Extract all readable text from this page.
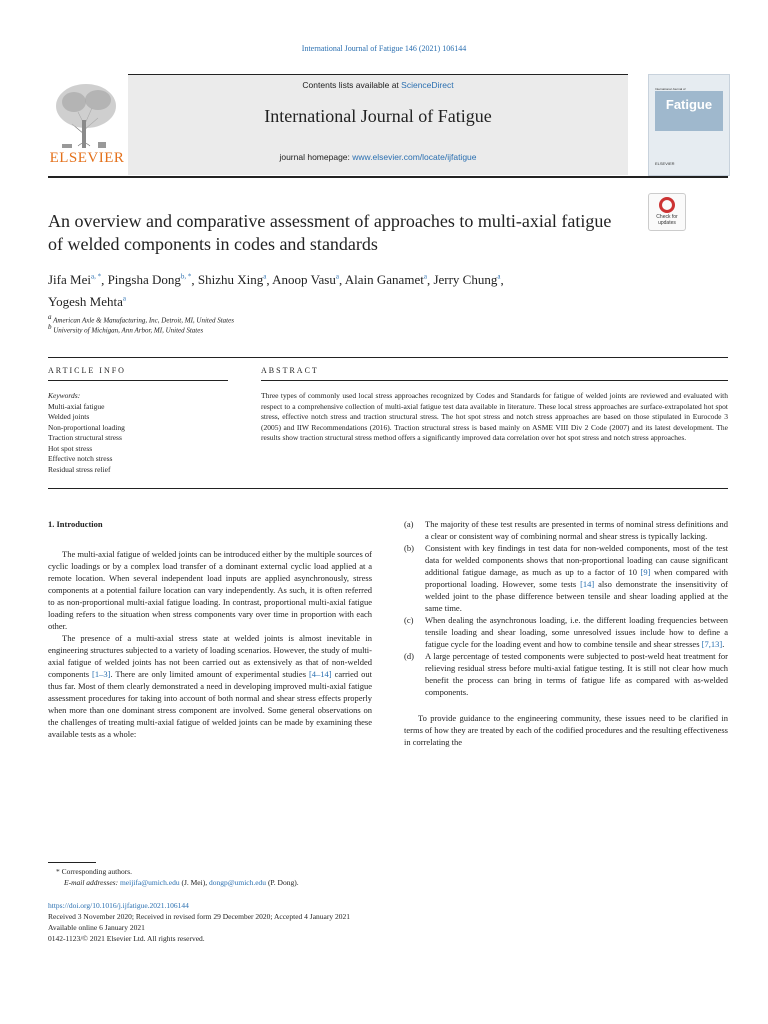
International Journal of Fatigue 146 (2021) 106144
Contents lists available at ScienceDirect
International Journal of Fatigue
journal homepage: www.elsevier.com/locate/ijfatigue
ELSEVIER
International Journal of
Fatigue
ELSEVIER
Check for updates
An overview and comparative assessment of approaches to multi-axial fatigue of welded components in codes and standards
Jifa Mei$^{a, *}$, Pingsha Dong$^{b, *}$, Shizhu Xing$^a$, Anoop Vasu$^a$, Alain Ganamet$^a$, Jerry Chung$^a$,
Yogesh Mehta$^a$
$^a$ American Axle & Manufacturing, Inc, Detroit, MI, United States
$^b$ University of Michigan, Ann Arbor, MI, United States
ARTICLE INFO	ABSTRACT
Keywords:
Multi-axial fatigue
Welded joints
Non-proportional loading
Traction structural stress
Hot spot stress
Effective notch stress
Residual stress relief
Three types of commonly used local stress approaches recognized by Codes and Standards for fatigue of welded joints are reviewed and evaluated with respect to a comprehensive collection of multi-axial fatigue test data available in literature. These local stress approaches are surface-extrapolated hot spot stress, effective notch stress and traction structural stress. The hot spot stress and notch stress approaches are based on those stipulated in Eurocode 3 (2005) and IIW Recommendations (2016). Traction structural stress is based mainly on ASME VIII Div 2 Code (2007) and its latest development. The results show traction structural stress method offers a significantly improved data correlation over hot spot stress and notch stress approaches.
1. Introduction

The multi-axial fatigue of welded joints can be introduced either by the multiple sources of cyclic loadings or by a complex load transfer of a dominant external cyclic load applied at a remote location. When several independent load inputs are applied asynchronously, stress components at a potential failure location can vary independently. As such, it is often referred to as non-proportional multi-axial fatigue loading. In contrast, proportional multi-axial fatigue loading refers to the situation when stress components vary over time in proportion with each other.

The presence of a multi-axial stress state at welded joints is almost inevitable in engineering structures subjected to a variety of loading scenarios. However, the study of multi-axial fatigue of welded joints has not been carried out as extensively as that of non-welded components [1–3]. There are only limited amount of experimental studies [4–14] carried out thus far. Most of them clearly demonstrated a need in developing improved multi-axial fatigue assessment procedures for taking into account of both normal and shear stress effects properly when more than one dominant stress component are involved. Some general observations on the challenges of treating multi-axial fatigue of welded joints can be made by examining these available tests as a whole:

(a)	The majority of these test results are presented in terms of nominal stress definitions and a clear or consistent way of combining normal and shear stress is typically lacking.
(b)	Consistent with key findings in test data for non-welded components, most of the test data for welded components shows that non-proportional loading can cause significant additional fatigue damage, as much as up to a factor of 10 [9] when compared with proportional loading. However, some tests [14] also demonstrate the insensitivity of welded joint to the phase difference between tensile and shear loading applied at the same time.
(c)	When dealing the asynchronous loading, i.e. the different loading frequencies between tensile loading and shear loading, some unresolved issues include how to define a fatigue cycle for the loading event and how to combine tensile and shear stresses [7,13].
(d)	A large percentage of tested components were subjected to post-weld heat treatment for relieving residual stress before multi-axial fatigue testing. It is still not clear how much benefit the process can bring in terms of fatigue life as compared with as-welded components.

To provide guidance to the engineering community, these issues need to be clarified in terms of how they are treated by each of the codified procedures and the resulting effectiveness in correlating the

* Corresponding authors.
E-mail addresses: meijifa@umich.edu (J. Mei), dongp@umich.edu (P. Dong).
https://doi.org/10.1016/j.ijfatigue.2021.106144
Received 3 November 2020; Received in revised form 29 December 2020; Accepted 4 January 2021
Available online 6 January 2021
0142-1123/© 2021 Elsevier Ltd. All rights reserved.
